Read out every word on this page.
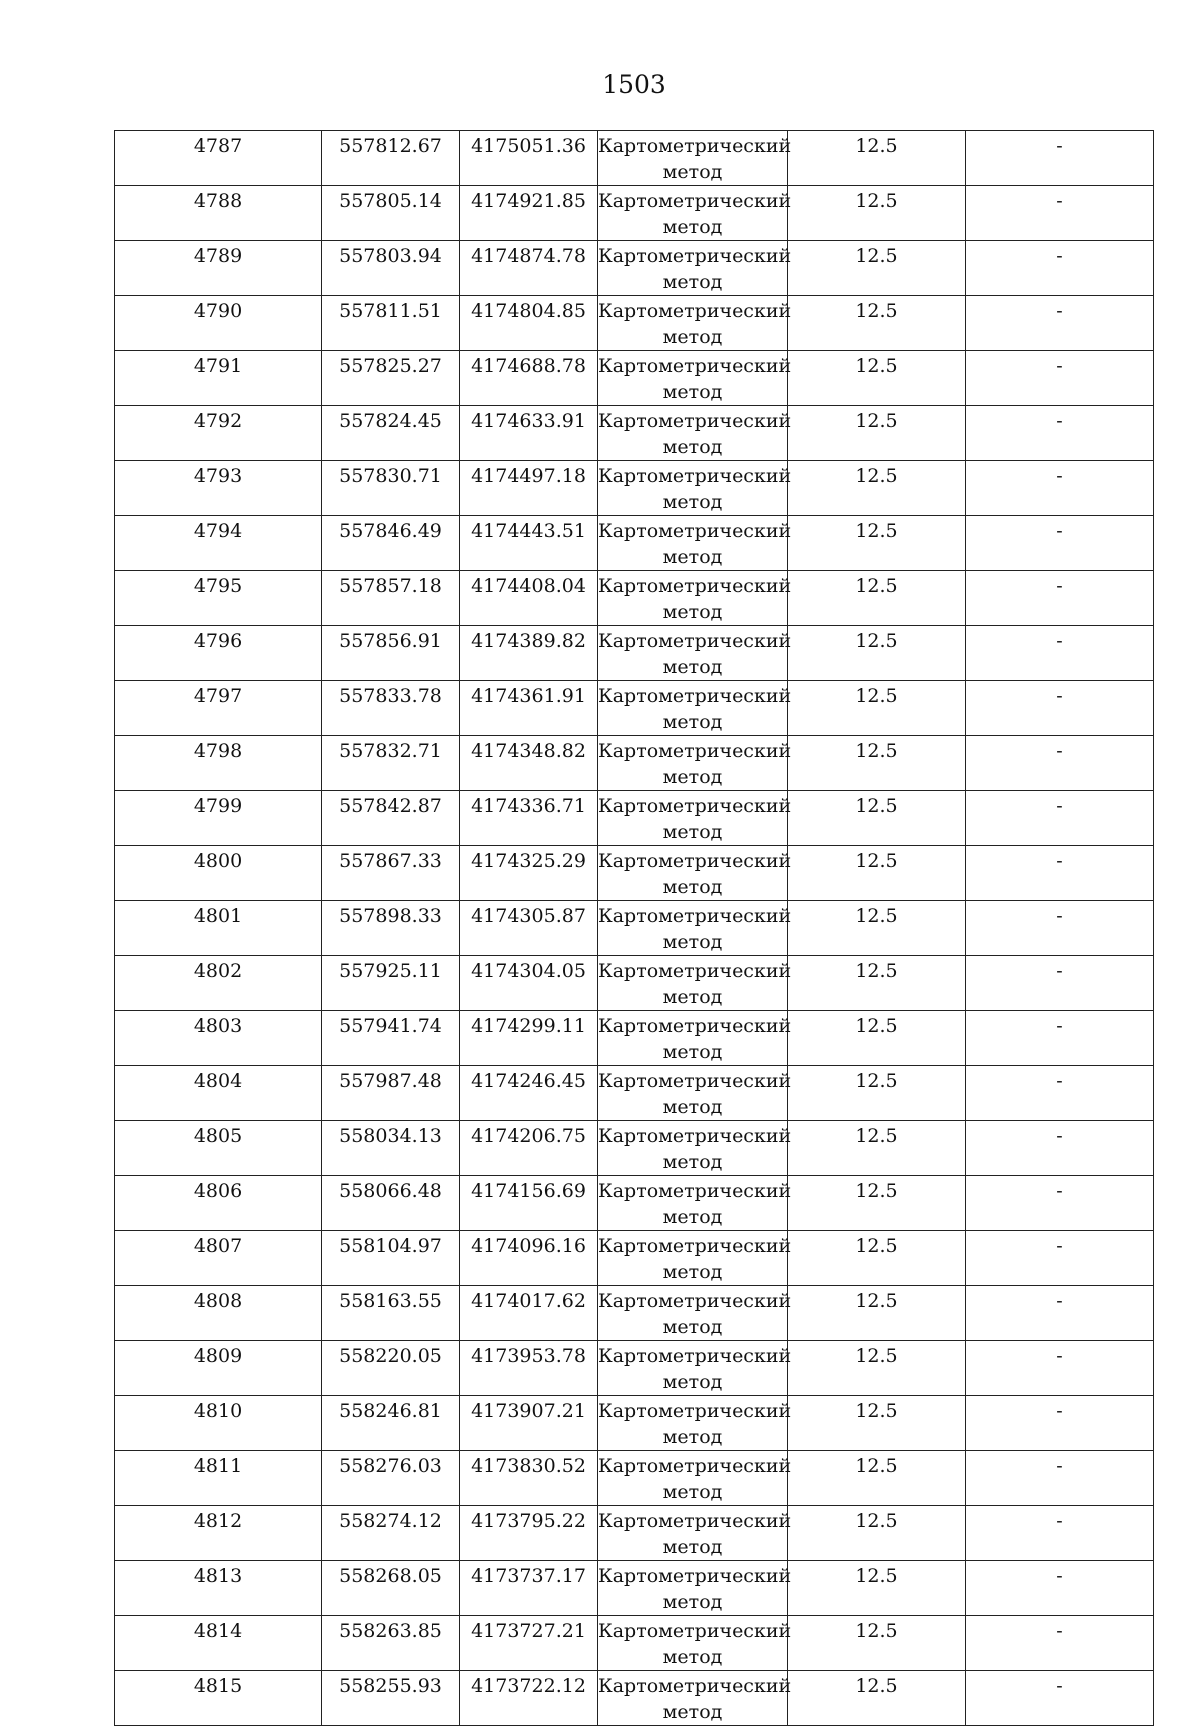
1503
4787	557812.67	4175051.36	Картометрический метод	12.5	-

4788	557805.14	4174921.85	Картометрический метод	12.5	-

4789	557803.94	4174874.78	Картометрический метод	12.5	-

4790	557811.51	4174804.85	Картометрический метод	12.5	-

4791	557825.27	4174688.78	Картометрический метод	12.5	-

4792	557824.45	4174633.91	Картометрический метод	12.5	-

4793	557830.71	4174497.18	Картометрический метод	12.5	-

4794	557846.49	4174443.51	Картометрический метод	12.5	-

4795	557857.18	4174408.04	Картометрический метод	12.5	-

4796	557856.91	4174389.82	Картометрический метод	12.5	-

4797	557833.78	4174361.91	Картометрический метод	12.5	-

4798	557832.71	4174348.82	Картометрический метод	12.5	-

4799	557842.87	4174336.71	Картометрический метод	12.5	-

4800	557867.33	4174325.29	Картометрический метод	12.5	-

4801	557898.33	4174305.87	Картометрический метод	12.5	-

4802	557925.11	4174304.05	Картометрический метод	12.5	-

4803	557941.74	4174299.11	Картометрический метод	12.5	-

4804	557987.48	4174246.45	Картометрический метод	12.5	-

4805	558034.13	4174206.75	Картометрический метод	12.5	-

4806	558066.48	4174156.69	Картометрический метод	12.5	-

4807	558104.97	4174096.16	Картометрический метод	12.5	-

4808	558163.55	4174017.62	Картометрический метод	12.5	-

4809	558220.05	4173953.78	Картометрический метод	12.5	-

4810	558246.81	4173907.21	Картометрический метод	12.5	-

4811	558276.03	4173830.52	Картометрический метод	12.5	-

4812	558274.12	4173795.22	Картометрический метод	12.5	-

4813	558268.05	4173737.17	Картометрический метод	12.5	-

4814	558263.85	4173727.21	Картометрический метод	12.5	-

4815	558255.93	4173722.12	Картометрический метод	12.5	-
